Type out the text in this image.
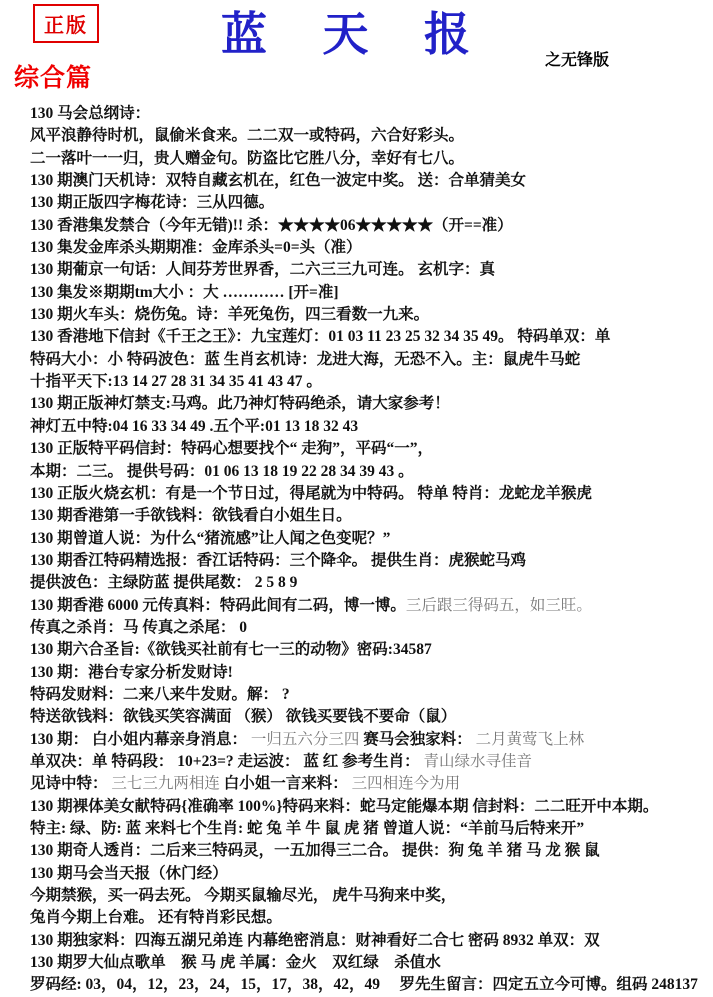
正版	蓝 天 报
之无锋版
综合篇
130 马会总纲诗：
风平浪静待时机，鼠偷米食来。二二双一或特码，六合好彩头。
二一落叶一一归，贵人赠金句。防盗比它胜八分，幸好有七八。
130 期澳门天机诗：双特自藏玄机在，红色一波定中奖。 送：合单猜美女
130 期正版四字梅花诗：三从四德。
130 香港集发禁合（今年无错)!! 杀：★★★★06★★★★★（开==准）
130 集发金库杀头期期准：金库杀头=0=头（准）
130 期葡京一句话：人间芬芳世界香，二六三三九可连。 玄机字：真
130 集发※期期tm大小 ：大 ………… [开=准]
130 期火车头：烧伤兔。诗：羊死兔伤，四三看数一九来。
130 香港地下信封《千王之王》：九宝莲灯：01 03 11 23 25 32 34 35 49。 特码单双：单
特码大小：小 特码波色：蓝 生肖玄机诗：龙进大海，无恐不入。主：鼠虎牛马蛇
十指平天下:13 14 27 28 31 34 35 41 43 47 。
130 期正版神灯禁支:马鸡。此乃神灯特码绝杀，请大家参考！
神灯五中特:04 16 33 34 49 .五个平:01 13 18 32 43
130 正版特平码信封：特码心想要找个“ 走狗”，平码“一”，
本期：二三。 提供号码：01 06 13 18 19 22 28 34 39 43 。
130 正版火烧玄机：有是一个节日过，得尾就为中特码。 特单 特肖：龙蛇龙羊猴虎
130 期香港第一手欲钱料：欲钱看白小姐生日。
130 期曾道人说：为什么“猪流感”让人闻之色变呢？”
130 期香江特码精选报：香江话特码：三个降伞。 提供生肖：虎猴蛇马鸡
提供波色：主绿防蓝 提供尾数： 2 5 8 9
130 期香港 6000 元传真料：特码此间有二码，博一博。三后跟三得码五，如三旺。
传真之杀肖：马 传真之杀尾： 0
130 期六合圣旨:《欲钱买社前有七一三的动物》密码:34587
130 期：港台专家分析发财诗!
特码发财料：二来八来牛发财。解： ?
特送欲钱料：欲钱买笑容满面 （猴） 欲钱买要钱不要命（鼠）
130 期： 白小姐内幕亲身消息： 一归五六分三四 赛马会独家料： 二月黄莺飞上林
单双决：单 特码段： 10+23=? 走运波： 蓝 红 参考生肖： 青山绿水寻佳音
见诗中特： 三七三九两相连 白小姐一言来料： 三四相连今为用
130 期裸体美女献特码{准确率 100%}特码来料：蛇马定能爆本期 信封料：二二旺开中本期。
特主: 绿、防: 蓝 来料七个生肖: 蛇 兔 羊 牛 鼠 虎 猪 曾道人说：“羊前马后特来开”
130 期奇人透肖：二后来三特码灵，一五加得三二合。 提供：狗 兔 羊 猪 马 龙 猴 鼠
130 期马会当天报（休门经）
今期禁猴，买一码去死。 今期买鼠输尽光， 虎牛马狗来中奖，
兔肖今期上台难。 还有特肖彩民想。
130 期独家料：四海五湖兄弟连 内幕绝密消息：财神看好二合七 密码 8932 单双：双
130 期罗大仙点歌单　猴 马 虎 羊属：金火　双红绿　杀值水
罗码经: 03，04，12，23，24，15，17，38，42，49　 罗先生留言：四定五立今可博。组码 248137
